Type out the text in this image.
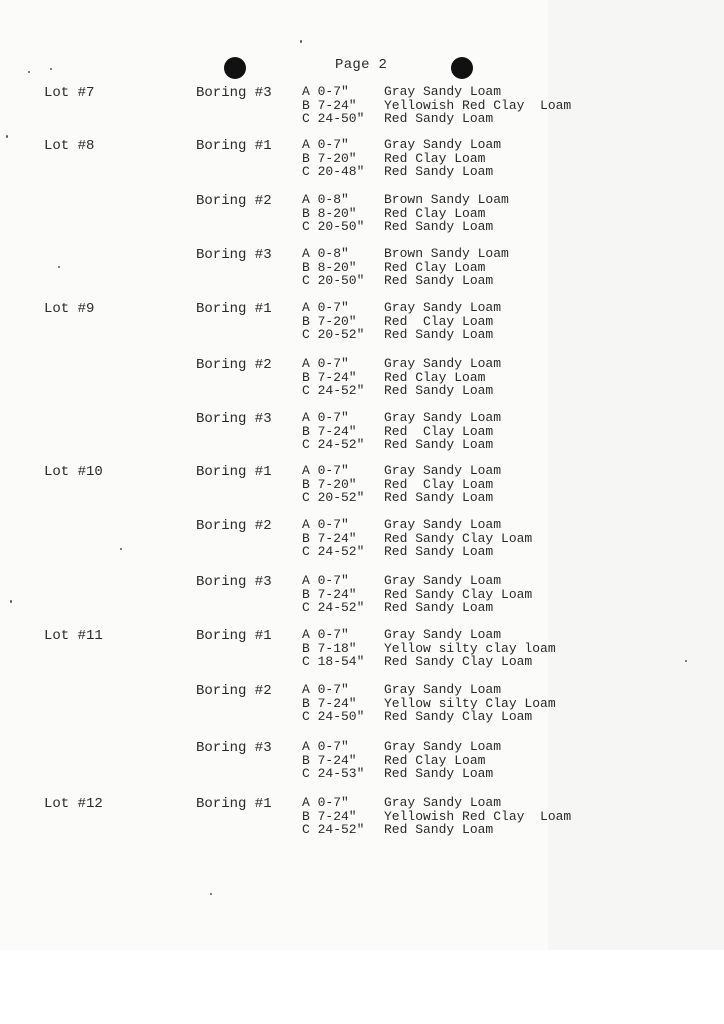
Page 2
Lot #7	Boring #3 A 0-7"	Gray Sandy Loam
B 7-24"	Yellowish Red Clay  Loam
C 24-50"	Red Sandy Loam
Lot #8	Boring #1 A 0-7"	Gray Sandy Loam
B 7-20"	Red Clay Loam
C 20-48"	Red Sandy Loam
Boring #2 A 0-8"	Brown Sandy Loam
B 8-20"	Red Clay Loam
C 20-50"	Red Sandy Loam
Boring #3 A 0-8"	Brown Sandy Loam
B 8-20"	Red Clay Loam
C 20-50"	Red Sandy Loam
Lot #9	Boring #1 A 0-7"	Gray Sandy Loam
B 7-20"	Red  Clay Loam
C 20-52"	Red Sandy Loam
Boring #2 A 0-7"	Gray Sandy Loam
B 7-24"	Red Clay Loam
C 24-52"	Red Sandy Loam
Boring #3 A 0-7"	Gray Sandy Loam
B 7-24"	Red  Clay Loam
C 24-52"	Red Sandy Loam
Lot #10	Boring #1 A 0-7"	Gray Sandy Loam
B 7-20"	Red  Clay Loam
C 20-52"	Red Sandy Loam
Boring #2 A 0-7"	Gray Sandy Loam
B 7-24"	Red Sandy Clay Loam
C 24-52"	Red Sandy Loam
Boring #3 A 0-7"	Gray Sandy Loam
B 7-24"	Red Sandy Clay Loam
C 24-52"	Red Sandy Loam
Lot #11	Boring #1 A 0-7"	Gray Sandy Loam
B 7-18"	Yellow silty clay loam
C 18-54"	Red Sandy Clay Loam
Boring #2 A 0-7"	Gray Sandy Loam
B 7-24"	Yellow silty Clay Loam
C 24-50"	Red Sandy Clay Loam
Boring #3 A 0-7"	Gray Sandy Loam
B 7-24"	Red Clay Loam
C 24-53"	Red Sandy Loam
Lot #12	Boring #1 A 0-7"	Gray Sandy Loam
B 7-24"	Yellowish Red Clay  Loam
C 24-52"	Red Sandy Loam
